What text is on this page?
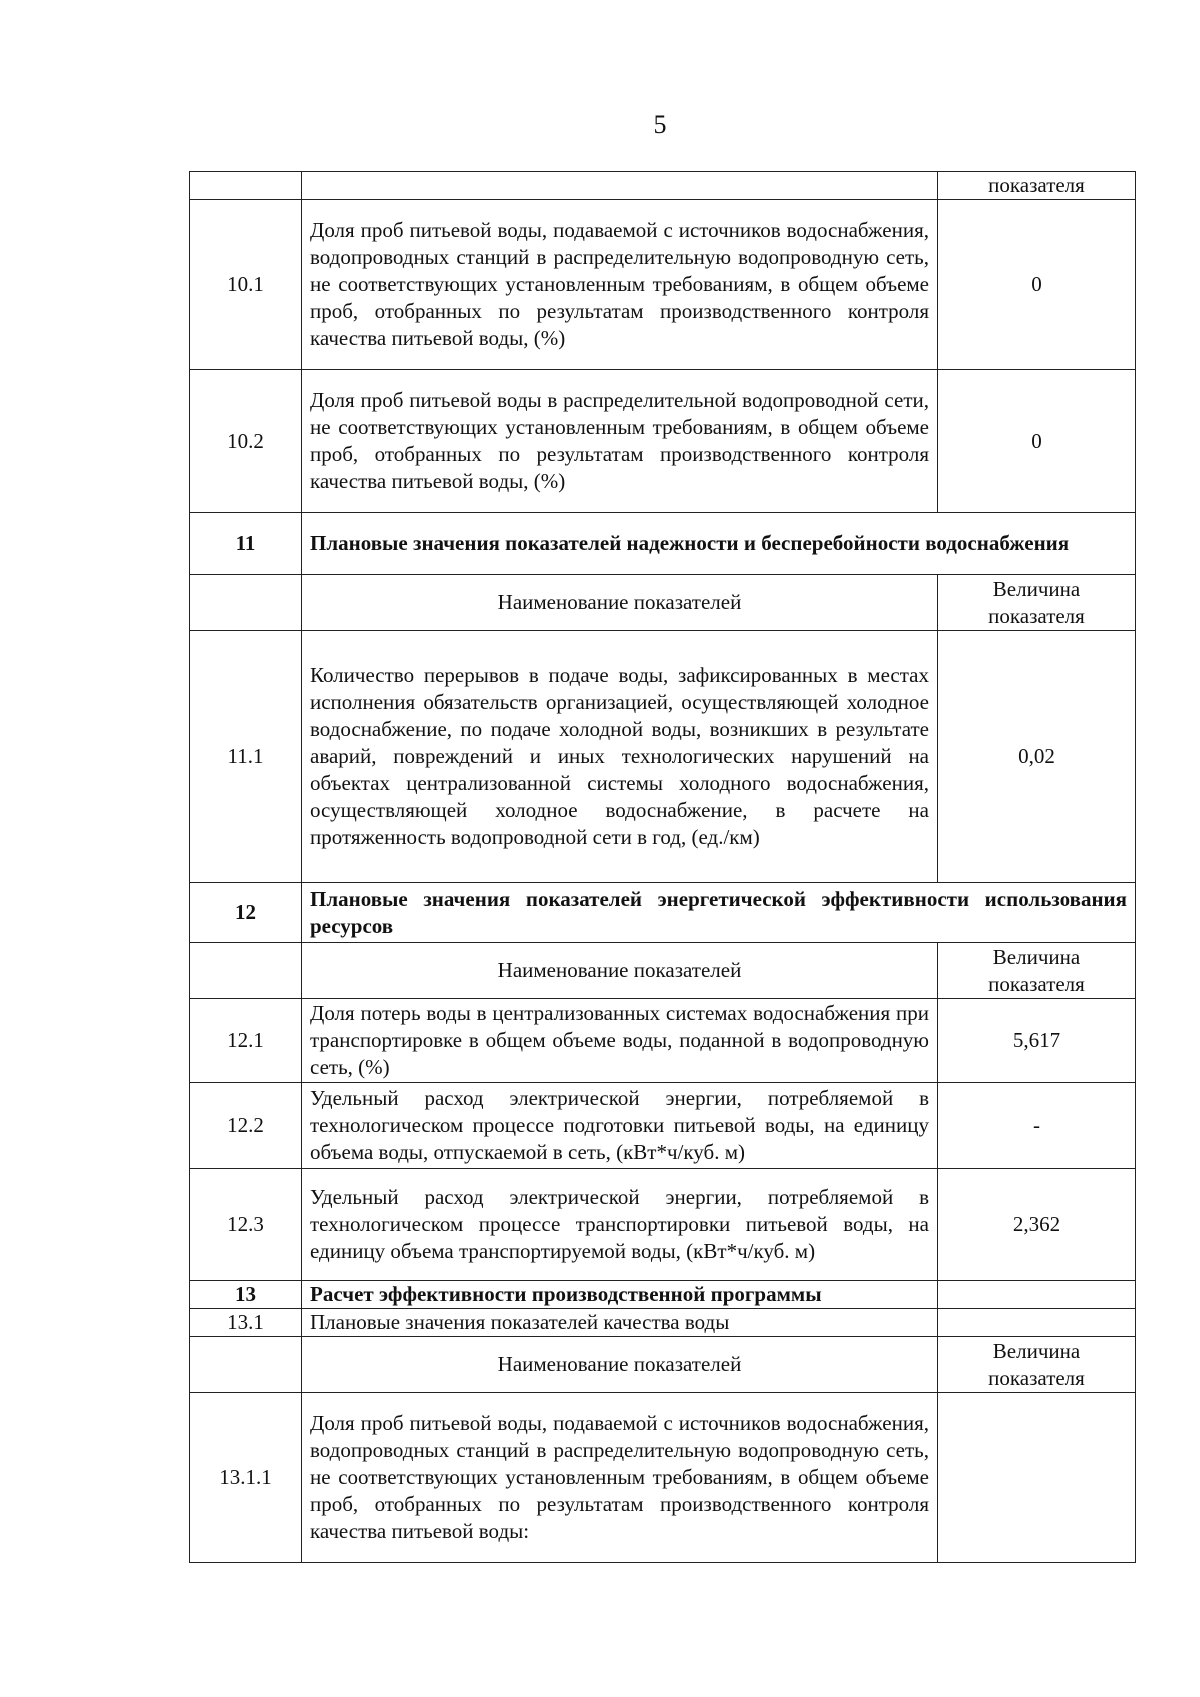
5
		показателя
10.1	Доля проб питьевой воды, подаваемой с источников водоснабжения, водопроводных станций в распределительную водопроводную сеть, не соответствующих установленным требованиям, в общем объеме проб, отобранных по результатам производственного контроля качества питьевой воды, (%)	0
10.2	Доля проб питьевой воды в распределительной водопроводной сети, не соответствующих установленным требованиям, в общем объеме проб, отобранных по результатам производственного контроля качества питьевой воды, (%)	0
11	Плановые значения показателей надежности и бесперебойности водоснабжения	
	Наименование показателей	Величина показателя
11.1	Количество перерывов в подаче воды, зафиксированных в местах исполнения обязательств организацией, осуществляющей холодное водоснабжение, по подаче холодной воды, возникших в результате аварий, повреждений и иных технологических нарушений на объектах централизованной системы холодного водоснабжения, осуществляющей холодное водоснабжение, в расчете на протяженность водопроводной сети в год, (ед./км)	0,02
12	Плановые значения показателей энергетической эффективности использования ресурсов	
	Наименование показателей	Величина показателя
12.1	Доля потерь воды в централизованных системах водоснабжения при транспортировке в общем объеме воды, поданной в водопроводную сеть, (%)	5,617
12.2	Удельный расход электрической энергии, потребляемой в технологическом процессе подготовки питьевой воды, на единицу объема воды, отпускаемой в сеть, (кВт*ч/куб. м)	-
12.3	Удельный расход электрической энергии, потребляемой в технологическом процессе транспортировки питьевой воды, на единицу объема транспортируемой воды, (кВт*ч/куб. м)	2,362
13	Расчет эффективности производственной программы	
13.1	Плановые значения показателей качества воды	
	Наименование показателей	Величина показателя
13.1.1	Доля проб питьевой воды, подаваемой с источников водоснабжения, водопроводных станций в распределительную водопроводную сеть, не соответствующих установленным требованиям, в общем объеме проб, отобранных по результатам производственного контроля качества питьевой воды:	
